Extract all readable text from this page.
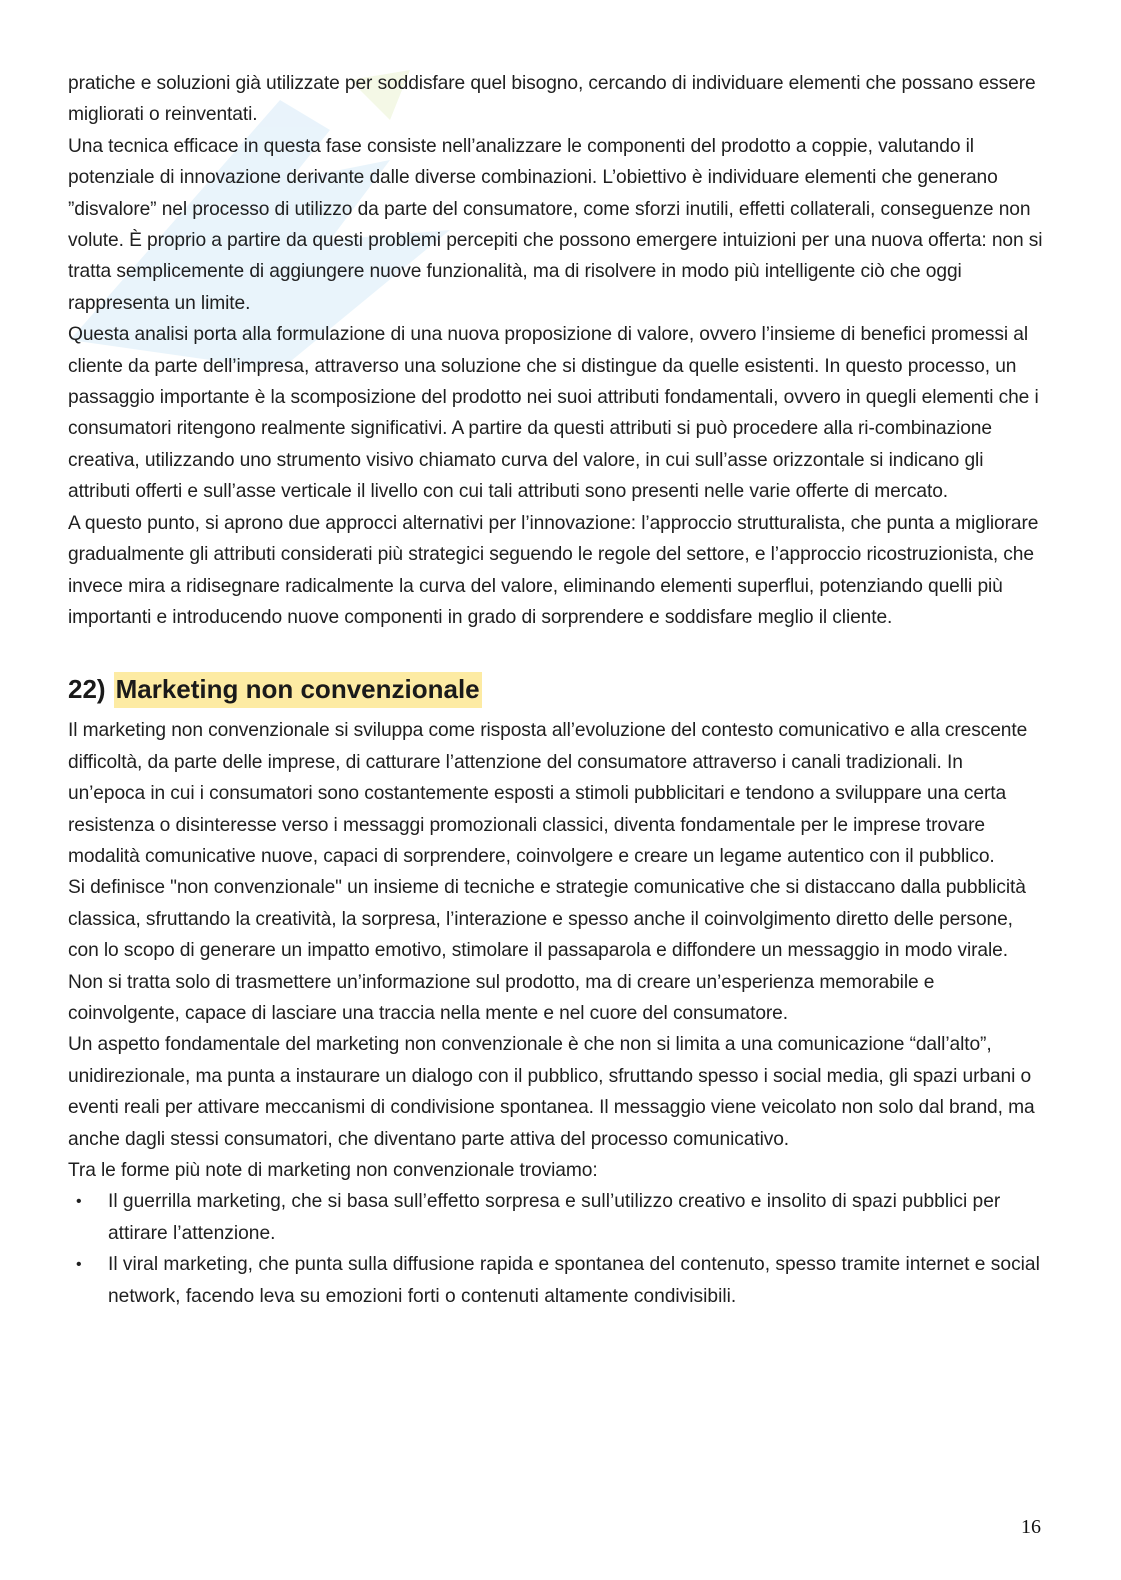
pratiche e soluzioni già utilizzate per soddisfare quel bisogno, cercando di individuare elementi che possano essere migliorati o reinventati.

Una tecnica efficace in questa fase consiste nell’analizzare le componenti del prodotto a coppie, valutando il potenziale di innovazione derivante dalle diverse combinazioni. L’obiettivo è individuare elementi che generano ”disvalore” nel processo di utilizzo da parte del consumatore, come sforzi inutili, effetti collaterali, conseguenze non volute. È proprio a partire da questi problemi percepiti che possono emergere intuizioni per una nuova offerta: non si tratta semplicemente di aggiungere nuove funzionalità, ma di risolvere in modo più intelligente ciò che oggi rappresenta un limite.

Questa analisi porta alla formulazione di una nuova proposizione di valore, ovvero l’insieme di benefici promessi al cliente da parte dell’impresa, attraverso una soluzione che si distingue da quelle esistenti. In questo processo, un passaggio importante è la scomposizione del prodotto nei suoi attributi fondamentali, ovvero in quegli elementi che i consumatori ritengono realmente significativi. A partire da questi attributi si può procedere alla ri-combinazione creativa, utilizzando uno strumento visivo chiamato curva del valore, in cui sull’asse orizzontale si indicano gli attributi offerti e sull’asse verticale il livello con cui tali attributi sono presenti nelle varie offerte di mercato.

A questo punto, si aprono due approcci alternativi per l’innovazione: l’approccio strutturalista, che punta a migliorare gradualmente gli attributi considerati più strategici seguendo le regole del settore, e l’approccio ricostruzionista, che invece mira a ridisegnare radicalmente la curva del valore, eliminando elementi superflui, potenziando quelli più importanti e introducendo nuove componenti in grado di sorprendere e soddisfare meglio il cliente.

22) Marketing non convenzionale

Il marketing non convenzionale si sviluppa come risposta all’evoluzione del contesto comunicativo e alla crescente difficoltà, da parte delle imprese, di catturare l’attenzione del consumatore attraverso i canali tradizionali. In un’epoca in cui i consumatori sono costantemente esposti a stimoli pubblicitari e tendono a sviluppare una certa resistenza o disinteresse verso i messaggi promozionali classici, diventa fondamentale per le imprese trovare modalità comunicative nuove, capaci di sorprendere, coinvolgere e creare un legame autentico con il pubblico.

Si definisce "non convenzionale" un insieme di tecniche e strategie comunicative che si distaccano dalla pubblicità classica, sfruttando la creatività, la sorpresa, l’interazione e spesso anche il coinvolgimento diretto delle persone, con lo scopo di generare un impatto emotivo, stimolare il passaparola e diffondere un messaggio in modo virale. Non si tratta solo di trasmettere un’informazione sul prodotto, ma di creare un’esperienza memorabile e coinvolgente, capace di lasciare una traccia nella mente e nel cuore del consumatore.

Un aspetto fondamentale del marketing non convenzionale è che non si limita a una comunicazione “dall’alto”, unidirezionale, ma punta a instaurare un dialogo con il pubblico, sfruttando spesso i social media, gli spazi urbani o eventi reali per attivare meccanismi di condivisione spontanea. Il messaggio viene veicolato non solo dal brand, ma anche dagli stessi consumatori, che diventano parte attiva del processo comunicativo.

Tra le forme più note di marketing non convenzionale troviamo:

• Il guerrilla marketing, che si basa sull’effetto sorpresa e sull’utilizzo creativo e insolito di spazi pubblici per attirare l’attenzione.
• Il viral marketing, che punta sulla diffusione rapida e spontanea del contenuto, spesso tramite internet e social network, facendo leva su emozioni forti o contenuti altamente condivisibili.
16
